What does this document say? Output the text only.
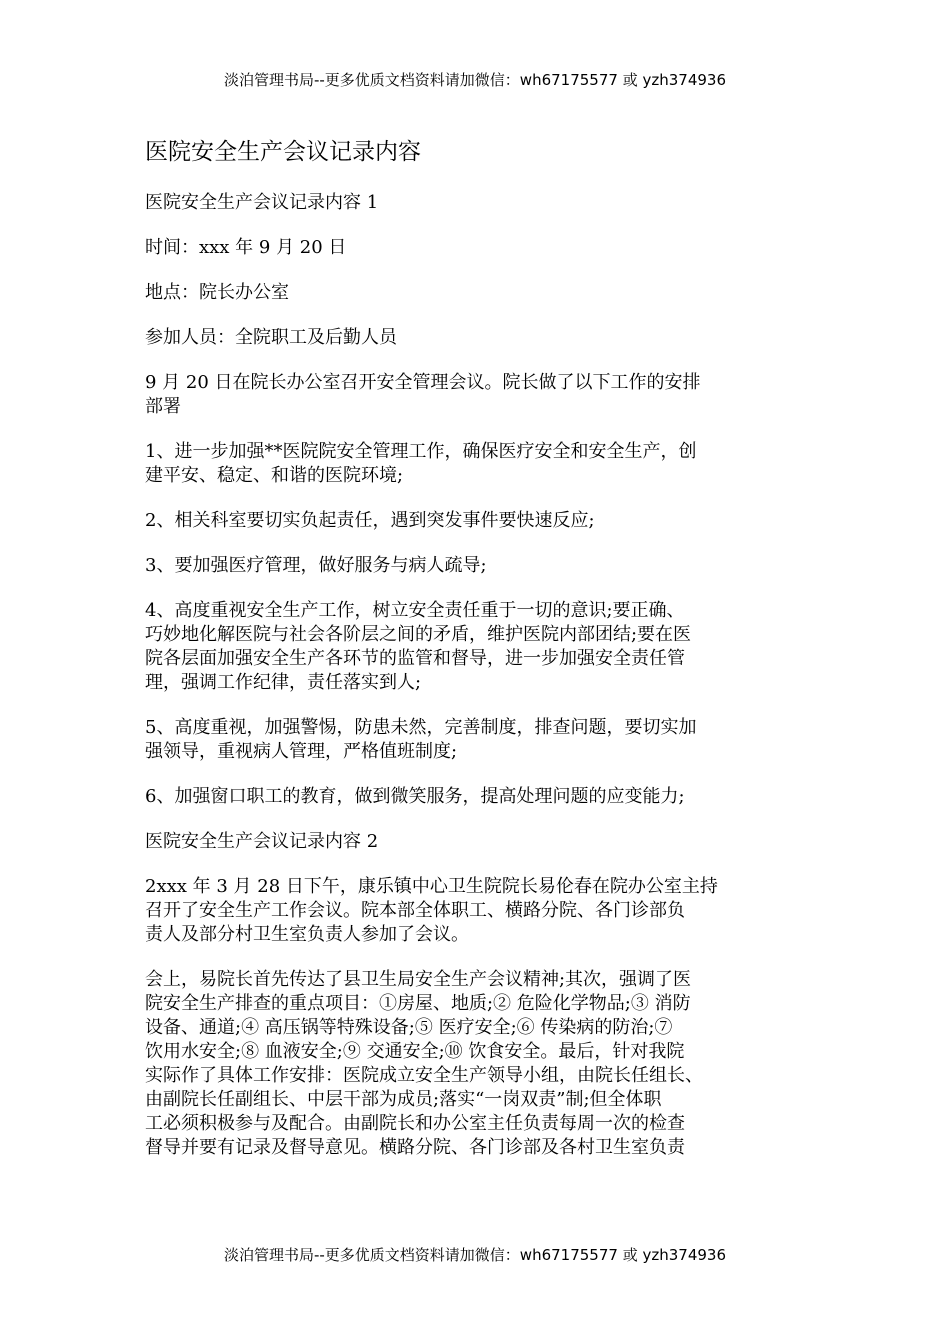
淡泊管理书局--更多优质文档资料请加微信：wh67175577 或 yzh374936
医院安全生产会议记录内容

医院安全生产会议记录内容 1

时间：xxx 年 9 月 20 日

地点：院长办公室

参加人员：全院职工及后勤人员

9 月 20 日在院长办公室召开安全管理会议。院长做了以下工作的安排
部署

1、进一步加强**医院院安全管理工作，确保医疗安全和安全生产，创
建平安、稳定、和谐的医院环境;

2、相关科室要切实负起责任，遇到突发事件要快速反应;

3、要加强医疗管理，做好服务与病人疏导;

4、高度重视安全生产工作，树立安全责任重于一切的意识;要正确、
巧妙地化解医院与社会各阶层之间的矛盾，维护医院内部团结;要在医
院各层面加强安全生产各环节的监管和督导，进一步加强安全责任管
理，强调工作纪律，责任落实到人;

5、高度重视，加强警惕，防患未然，完善制度，排查问题，要切实加
强领导，重视病人管理，严格值班制度;

6、加强窗口职工的教育，做到微笑服务，提高处理问题的应变能力;

医院安全生产会议记录内容 2

2xxx 年 3 月 28 日下午，康乐镇中心卫生院院长易伦春在院办公室主持
召开了安全生产工作会议。院本部全体职工、横路分院、各门诊部负
责人及部分村卫生室负责人参加了会议。

会上，易院长首先传达了县卫生局安全生产会议精神;其次，强调了医
院安全生产排查的重点项目：①房屋、地质;② 危险化学物品;③ 消防
设备、通道;④ 高压锅等特殊设备;⑤ 医疗安全;⑥ 传染病的防治;⑦
饮用水安全;⑧ 血液安全;⑨ 交通安全;⑩ 饮食安全。最后，针对我院
实际作了具体工作安排：医院成立安全生产领导小组，由院长任组长、
由副院长任副组长、中层干部为成员;落实“一岗双责”制;但全体职
工必须积极参与及配合。由副院长和办公室主任负责每周一次的检查
督导并要有记录及督导意见。横路分院、各门诊部及各村卫生室负责

淡泊管理书局--更多优质文档资料请加微信：wh67175577 或 yzh374936
